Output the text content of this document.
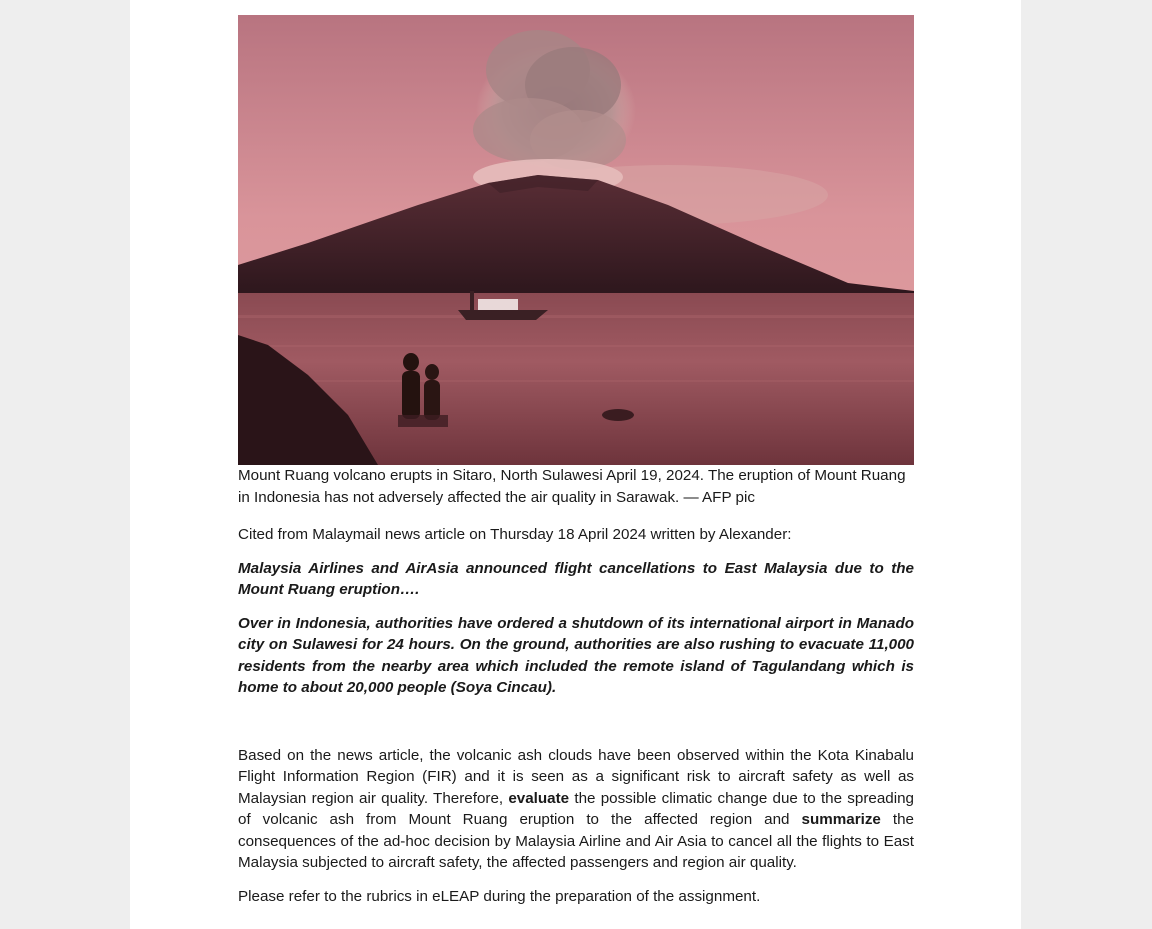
Mount Ruang volcano erupts in Sitaro, North Sulawesi April 19, 2024. The eruption of Mount Ruang in Indonesia has not adversely affected the air quality in Sarawak. — AFP pic

Cited from Malaymail news article on Thursday 18 April 2024 written by Alexander:

Malaysia Airlines and AirAsia announced flight cancellations to East Malaysia due to the Mount Ruang eruption….

Over in Indonesia, authorities have ordered a shutdown of its international airport in Manado city on Sulawesi for 24 hours. On the ground, authorities are also rushing to evacuate 11,000 residents from the nearby area which included the remote island of Tagulandang which is home to about 20,000 people (Soya Cincau).

Based on the news article, the volcanic ash clouds have been observed within the Kota Kinabalu Flight Information Region (FIR) and it is seen as a significant risk to aircraft safety as well as Malaysian region air quality. Therefore, evaluate the possible climatic change due to the spreading of volcanic ash from Mount Ruang eruption to the affected region and summarize the consequences of the ad-hoc decision by Malaysia Airline and Air Asia to cancel all the flights to East Malaysia subjected to aircraft safety, the affected passengers and region air quality.

Please refer to the rubrics in eLEAP during the preparation of the assignment.
